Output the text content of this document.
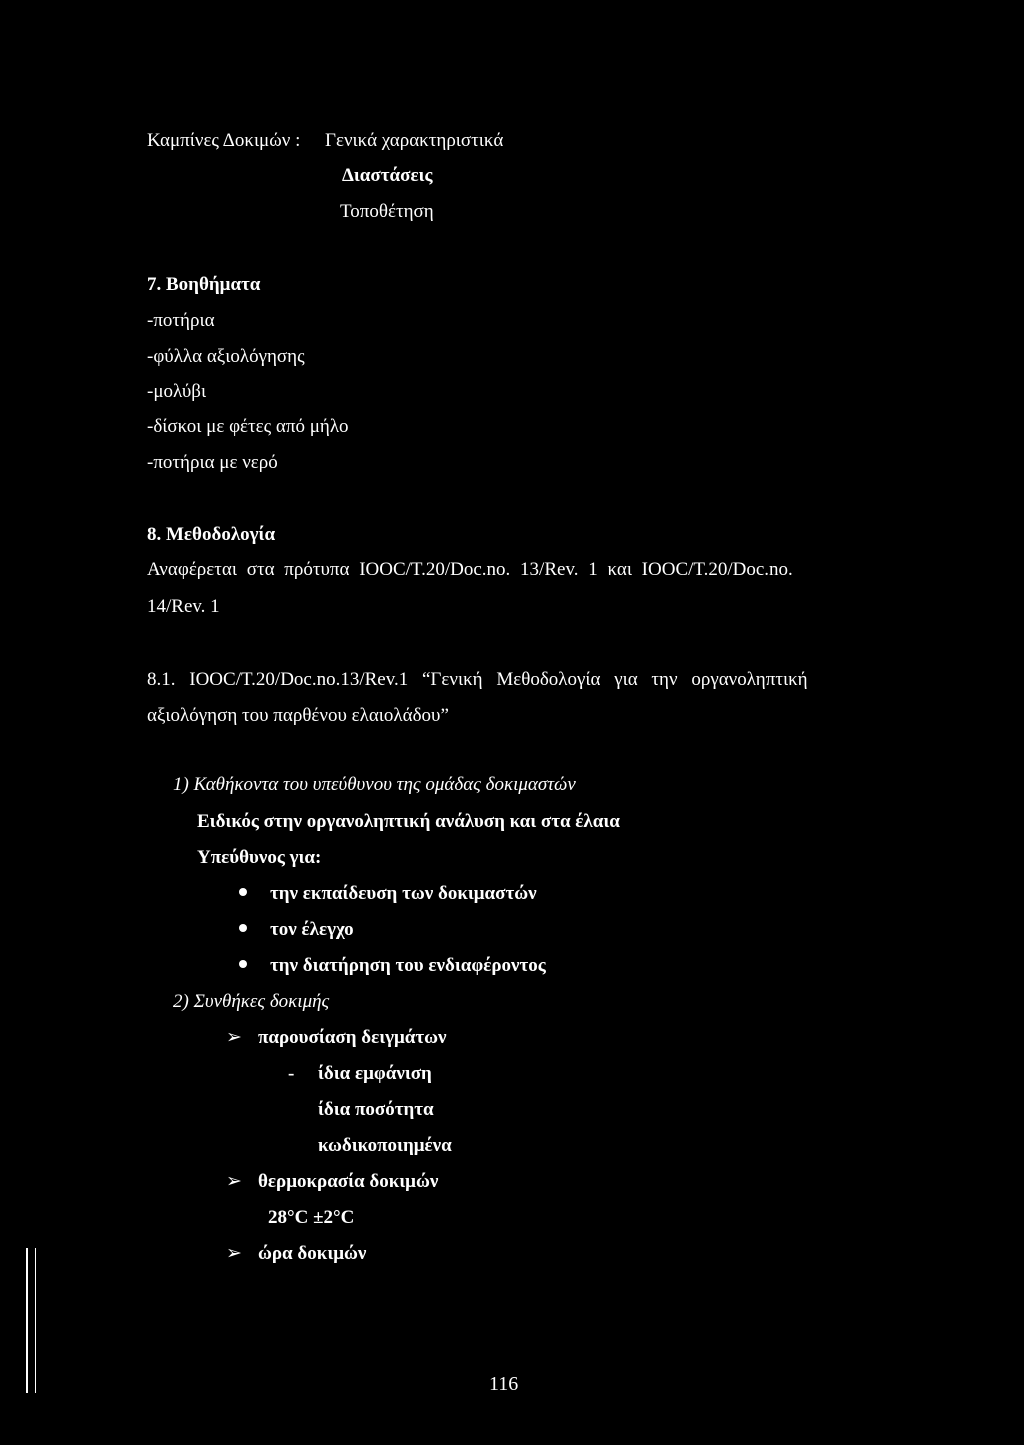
Καμπίνες Δοκιμών : Γενικά χαρακτηριστικά
Διαστάσεις
Τοποθέτηση
7. Βοηθήματα
-ποτήρια
-φύλλα αξιολόγησης
-μολύβι
-δίσκοι με φέτες από μήλο
-ποτήρια με νερό
8. Μεθοδολογία
Αναφέρεται στα πρότυπα IOOC/T.20/Doc.no. 13/Rev. 1 και IOOC/T.20/Doc.no.
14/Rev. 1
8.1. IOOC/T.20/Doc.no.13/Rev.1 “Γενική Μεθοδολογία για την οργανοληπτική
αξιολόγηση του παρθένου ελαιολάδου”
1) Καθήκοντα του υπεύθυνου της ομάδας δοκιμαστών
Ειδικός στην οργανοληπτική ανάλυση και στα έλαια
Υπεύθυνος για:
την εκπαίδευση των δοκιμαστών
τον έλεγχο
την διατήρηση του ενδιαφέροντος
2) Συνθήκες δοκιμής
➢ παρουσίαση δειγμάτων
- ίδια εμφάνιση
ίδια ποσότητα
κωδικοποιημένα
➢ θερμοκρασία δοκιμών
28°C ±2°C
➢ ώρα δοκιμών
116
